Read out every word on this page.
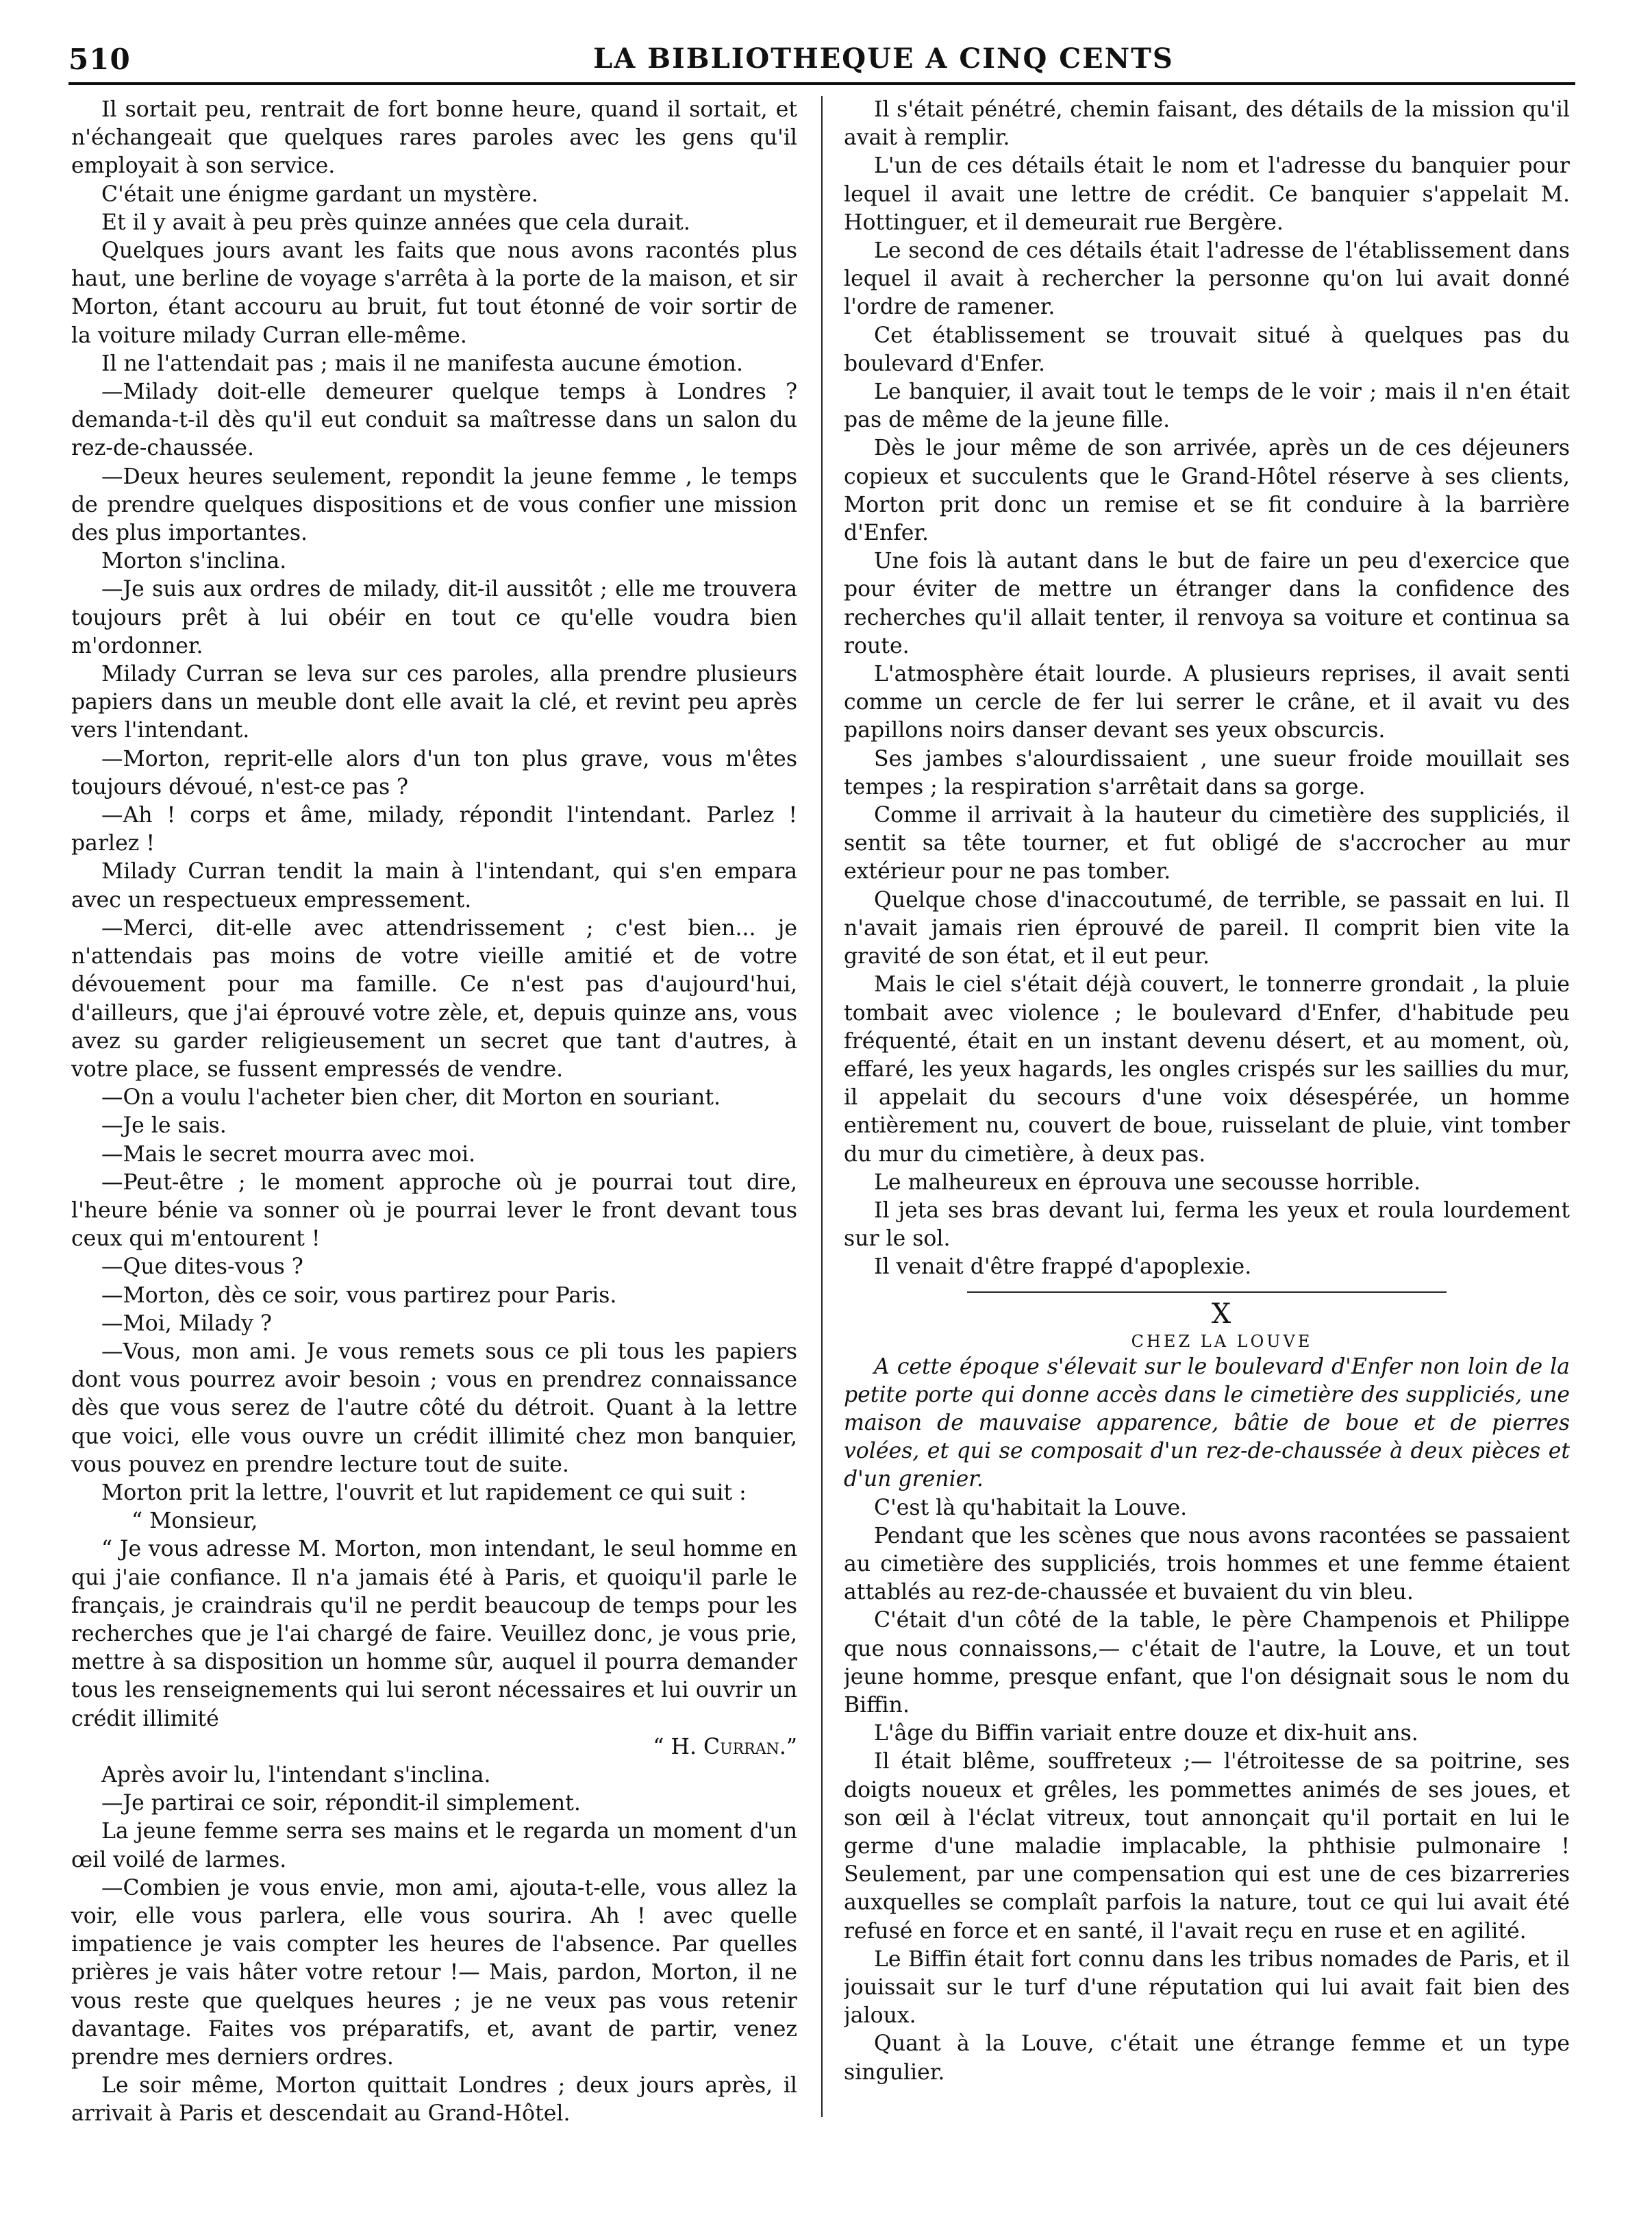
510	LA BIBLIOTHEQUE A CINQ CENTS

Il sortait peu, rentrait de fort bonne heure, quand il sortait, et n'échangeait que quelques rares paroles avec les gens qu'il employait à son service.

C'était une énigme gardant un mystère.

Et il y avait à peu près quinze années que cela durait.

Quelques jours avant les faits que nous avons racontés plus haut, une berline de voyage s'arrêta à la porte de la maison, et sir Morton, étant accouru au bruit, fut tout étonné de voir sortir de la voiture milady Curran elle-même.

Il ne l'attendait pas ; mais il ne manifesta aucune émotion.

—Milady doit-elle demeurer quelque temps à Londres ? demanda-t-il dès qu'il eut conduit sa maîtresse dans un salon du rez-de-chaussée.

—Deux heures seulement, repondit la jeune femme , le temps de prendre quelques dispositions et de vous confier une mission des plus importantes.

Morton s'inclina.

—Je suis aux ordres de milady, dit-il aussitôt ; elle me trouvera toujours prêt à lui obéir en tout ce qu'elle voudra bien m'ordonner.

Milady Curran se leva sur ces paroles, alla prendre plusieurs papiers dans un meuble dont elle avait la clé, et revint peu après vers l'intendant.

—Morton, reprit-elle alors d'un ton plus grave, vous m'êtes toujours dévoué, n'est-ce pas ?

—Ah ! corps et âme, milady, répondit l'intendant. Parlez ! parlez !

Milady Curran tendit la main à l'intendant, qui s'en empara avec un respectueux empressement.

—Merci, dit-elle avec attendrissement ; c'est bien... je n'attendais pas moins de votre vieille amitié et de votre dévouement pour ma famille. Ce n'est pas d'aujourd'hui, d'ailleurs, que j'ai éprouvé votre zèle, et, depuis quinze ans, vous avez su garder religieusement un secret que tant d'autres, à votre place, se fussent empressés de vendre.

—On a voulu l'acheter bien cher, dit Morton en souriant.

—Je le sais.

—Mais le secret mourra avec moi.

—Peut-être ; le moment approche où je pourrai tout dire, l'heure bénie va sonner où je pourrai lever le front devant tous ceux qui m'entourent !

—Que dites-vous ?

—Morton, dès ce soir, vous partirez pour Paris.

—Moi, Milady ?

—Vous, mon ami. Je vous remets sous ce pli tous les papiers dont vous pourrez avoir besoin ; vous en prendrez connaissance dès que vous serez de l'autre côté du détroit. Quant à la lettre que voici, elle vous ouvre un crédit illimité chez mon banquier, vous pouvez en prendre lecture tout de suite.

Morton prit la lettre, l'ouvrit et lut rapidement ce qui suit :

“ Monsieur,

“ Je vous adresse M. Morton, mon intendant, le seul homme en qui j'aie confiance. Il n'a jamais été à Paris, et quoiqu'il parle le français, je craindrais qu'il ne perdit beaucoup de temps pour les recherches que je l'ai chargé de faire. Veuillez donc, je vous prie, mettre à sa disposition un homme sûr, auquel il pourra demander tous les renseignements qui lui seront nécessaires et lui ouvrir un crédit illimité

“ H. Curran.”

Après avoir lu, l'intendant s'inclina.

—Je partirai ce soir, répondit-il simplement.

La jeune femme serra ses mains et le regarda un moment d'un œil voilé de larmes.

—Combien je vous envie, mon ami, ajouta-t-elle, vous allez la voir, elle vous parlera, elle vous sourira. Ah ! avec quelle impatience je vais compter les heures de l'absence. Par quelles prières je vais hâter votre retour !— Mais, pardon, Morton, il ne vous reste que quelques heures ; je ne veux pas vous retenir davantage. Faites vos préparatifs, et, avant de partir, venez prendre mes derniers ordres.

Le soir même, Morton quittait Londres ; deux jours après, il arrivait à Paris et descendait au Grand-Hôtel.

Il s'était pénétré, chemin faisant, des détails de la mission qu'il avait à remplir.

L'un de ces détails était le nom et l'adresse du banquier pour lequel il avait une lettre de crédit. Ce banquier s'appelait M. Hottinguer, et il demeurait rue Bergère.

Le second de ces détails était l'adresse de l'établissement dans lequel il avait à rechercher la personne qu'on lui avait donné l'ordre de ramener.

Cet établissement se trouvait situé à quelques pas du boulevard d'Enfer.

Le banquier, il avait tout le temps de le voir ; mais il n'en était pas de même de la jeune fille.

Dès le jour même de son arrivée, après un de ces déjeuners copieux et succulents que le Grand-Hôtel réserve à ses clients, Morton prit donc un remise et se fit conduire à la barrière d'Enfer.

Une fois là autant dans le but de faire un peu d'exercice que pour éviter de mettre un étranger dans la confidence des recherches qu'il allait tenter, il renvoya sa voiture et continua sa route.

L'atmosphère était lourde. A plusieurs reprises, il avait senti comme un cercle de fer lui serrer le crâne, et il avait vu des papillons noirs danser devant ses yeux obscurcis.

Ses jambes s'alourdissaient , une sueur froide mouillait ses tempes ; la respiration s'arrêtait dans sa gorge.

Comme il arrivait à la hauteur du cimetière des suppliciés, il sentit sa tête tourner, et fut obligé de s'accrocher au mur extérieur pour ne pas tomber.

Quelque chose d'inaccoutumé, de terrible, se passait en lui. Il n'avait jamais rien éprouvé de pareil. Il comprit bien vite la gravité de son état, et il eut peur.

Mais le ciel s'était déjà couvert, le tonnerre grondait , la pluie tombait avec violence ; le boulevard d'Enfer, d'habitude peu fréquenté, était en un instant devenu désert, et au moment, où, effaré, les yeux hagards, les ongles crispés sur les saillies du mur, il appelait du secours d'une voix désespérée, un homme entièrement nu, couvert de boue, ruisselant de pluie, vint tomber du mur du cimetière, à deux pas.

Le malheureux en éprouva une secousse horrible.

Il jeta ses bras devant lui, ferma les yeux et roula lourdement sur le sol.

Il venait d'être frappé d'apoplexie.

X

CHEZ LA LOUVE

A cette époque s'élevait sur le boulevard d'Enfer non loin de la petite porte qui donne accès dans le cimetière des suppliciés, une maison de mauvaise apparence, bâtie de boue et de pierres volées, et qui se composait d'un rez-de-chaussée à deux pièces et d'un grenier.

C'est là qu'habitait la Louve.

Pendant que les scènes que nous avons racontées se passaient au cimetière des suppliciés, trois hommes et une femme étaient attablés au rez-de-chaussée et buvaient du vin bleu.

C'était d'un côté de la table, le père Champenois et Philippe que nous connaissons,— c'était de l'autre, la Louve, et un tout jeune homme, presque enfant, que l'on désignait sous le nom du Biffin.

L'âge du Biffin variait entre douze et dix-huit ans.

Il était blême, souffreteux ;— l'étroitesse de sa poitrine, ses doigts noueux et grêles, les pommettes animés de ses joues, et son œil à l'éclat vitreux, tout annonçait qu'il portait en lui le germe d'une maladie implacable, la phthisie pulmonaire ! Seulement, par une compensation qui est une de ces bizarreries auxquelles se complaît parfois la nature, tout ce qui lui avait été refusé en force et en santé, il l'avait reçu en ruse et en agilité.

Le Biffin était fort connu dans les tribus nomades de Paris, et il jouissait sur le turf d'une réputation qui lui avait fait bien des jaloux.

Quant à la Louve, c'était une étrange femme et un type singulier.
